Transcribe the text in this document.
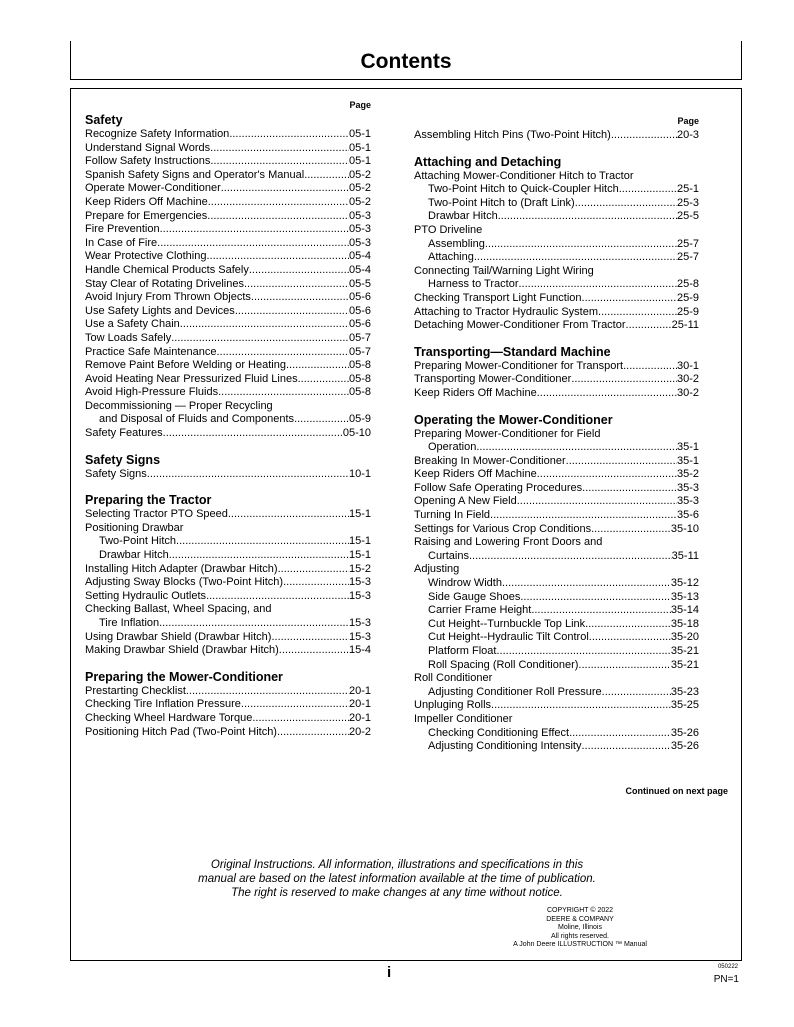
Contents
Page
Safety
Recognize Safety Information .....	05-1
Understand Signal Words .....	05-1
Follow Safety Instructions .....	05-1
Spanish Safety Signs and Operator's Manual .....	05-2
Operate Mower-Conditioner .....	05-2
Keep Riders Off Machine .....	05-2
Prepare for Emergencies .....	05-3
Fire Prevention .....	05-3
In Case of Fire .....	05-3
Wear Protective Clothing .....	05-4
Handle Chemical Products Safely .....	05-4
Stay Clear of Rotating Drivelines .....	05-5
Avoid Injury From Thrown Objects .....	05-6
Use Safety Lights and Devices .....	05-6
Use a Safety Chain .....	05-6
Tow Loads Safely .....	05-7
Practice Safe Maintenance .....	05-7
Remove Paint Before Welding or Heating .....	05-8
Avoid Heating Near Pressurized Fluid Lines .....	05-8
Avoid High-Pressure Fluids .....	05-8
Decommissioning — Proper Recycling
and Disposal of Fluids and Components .....	05-9
Safety Features .....	05-10
Safety Signs
Safety Signs .....	10-1
Preparing the Tractor
Selecting Tractor PTO Speed .....	15-1
Positioning Drawbar
Two-Point Hitch .....	15-1
Drawbar Hitch .....	15-1
Installing Hitch Adapter (Drawbar Hitch) .....	15-2
Adjusting Sway Blocks (Two-Point Hitch) .....	15-3
Setting Hydraulic Outlets .....	15-3
Checking Ballast, Wheel Spacing, and
Tire Inflation .....	15-3
Using Drawbar Shield (Drawbar Hitch) .....	15-3
Making Drawbar Shield (Drawbar Hitch) .....	15-4
Preparing the Mower-Conditioner
Prestarting Checklist .....	20-1
Checking Tire Inflation Pressure .....	20-1
Checking Wheel Hardware Torque .....	20-1
Positioning Hitch Pad (Two-Point Hitch) .....	20-2
Page
Assembling Hitch Pins (Two-Point Hitch) .....	20-3
Attaching and Detaching
Attaching Mower-Conditioner Hitch to Tractor
Two-Point Hitch to Quick-Coupler Hitch .....	25-1
Two-Point Hitch to (Draft Link) .....	25-3
Drawbar Hitch .....	25-5
PTO Driveline
Assembling .....	25-7
Attaching .....	25-7
Connecting Tail/Warning Light Wiring
Harness to Tractor .....	25-8
Checking Transport Light Function .....	25-9
Attaching to Tractor Hydraulic System .....	25-9
Detaching Mower-Conditioner From Tractor .....	25-11
Transporting—Standard Machine
Preparing Mower-Conditioner for Transport .....	30-1
Transporting Mower-Conditioner .....	30-2
Keep Riders Off Machine .....	30-2
Operating the Mower-Conditioner
Preparing Mower-Conditioner for Field
Operation .....	35-1
Breaking In Mower-Conditioner .....	35-1
Keep Riders Off Machine .....	35-2
Follow Safe Operating Procedures .....	35-3
Opening A New Field .....	35-3
Turning In Field .....	35-6
Settings for Various Crop Conditions .....	35-10
Raising and Lowering Front Doors and
Curtains .....	35-11
Adjusting
Windrow Width .....	35-12
Side Gauge Shoes .....	35-13
Carrier Frame Height .....	35-14
Cut Height--Turnbuckle Top Link .....	35-18
Cut Height--Hydraulic Tilt Control .....	35-20
Platform Float .....	35-21
Roll Spacing (Roll Conditioner) .....	35-21
Roll Conditioner
Adjusting Conditioner Roll Pressure .....	35-23
Unpluging Rolls .....	35-25
Impeller Conditioner
Checking Conditioning Effect .....	35-26
Adjusting Conditioning Intensity .....	35-26
Continued on next page
Original Instructions. All information, illustrations and specifications in this
manual are based on the latest information available at the time of publication.
The right is reserved to make changes at any time without notice.
COPYRIGHT © 2022
DEERE & COMPANY
Moline, Illinois
All rights reserved.
A John Deere ILLUSTRUCTION ™ Manual
i	050222
PN=1
